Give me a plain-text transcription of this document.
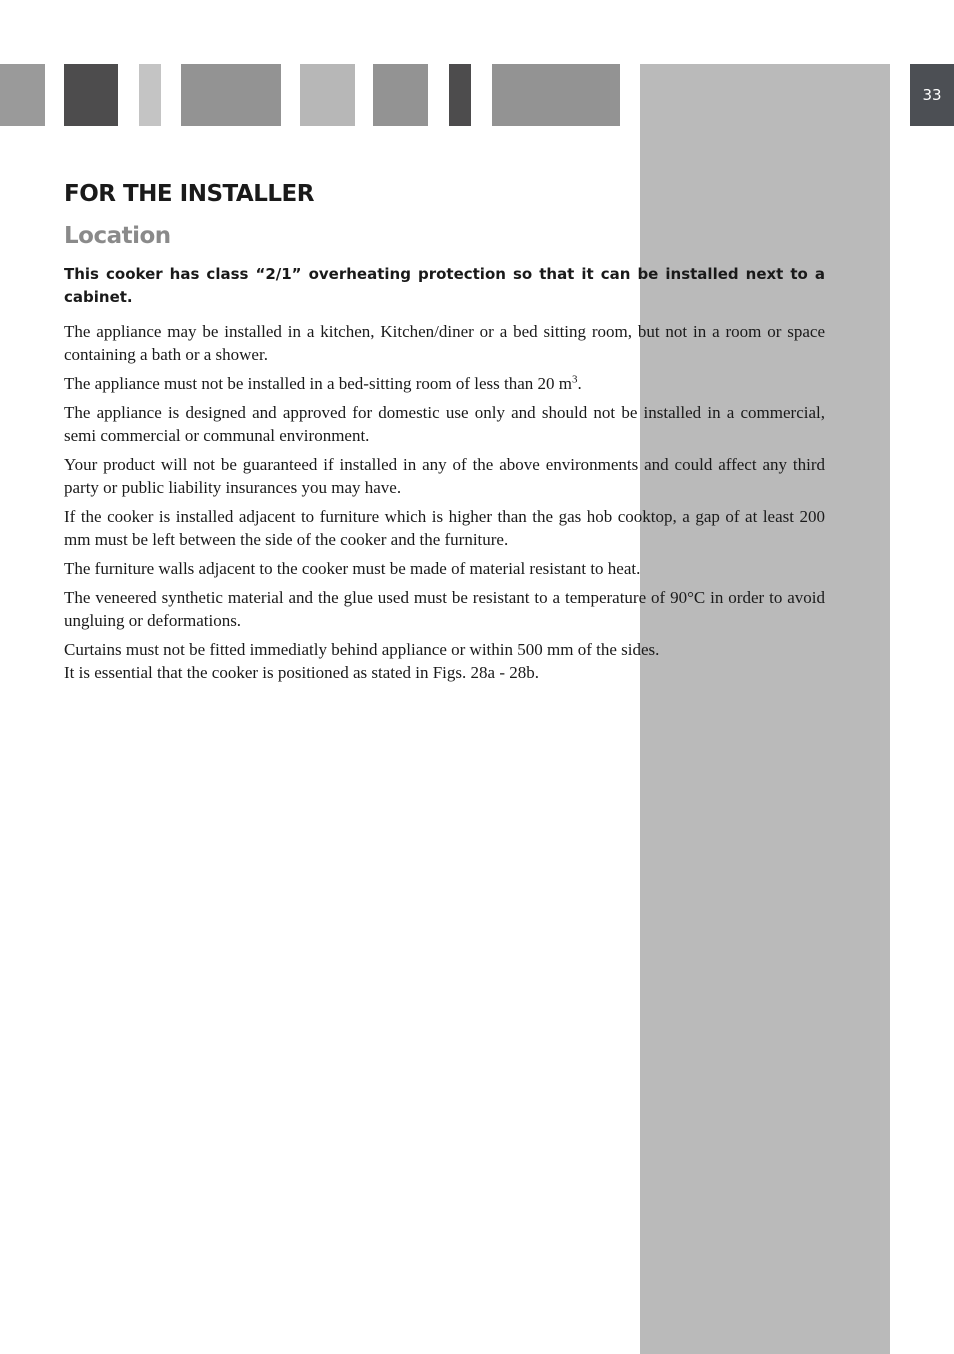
33
FOR THE INSTALLER
Location

This cooker has class “2/1” overheating protection so that it can be installed next to a cabinet.

The appliance may be installed in a kitchen, Kitchen/diner or a bed sitting room, but not in a room or space containing a bath or a shower.

The appliance must not be installed in a bed-sitting room of less than 20 $m^3$.

The appliance is designed and approved for domestic use only and should not be installed in a commercial, semi commercial or communal environment.

Your product will not be guaranteed if installed in any of the above environments and could affect any third party or public liability insurances you may have.

If the cooker is installed adjacent to furniture which is higher than the gas hob cooktop, a gap of at least 200 mm must be left between the side of the cooker and the furniture.

The furniture walls adjacent to the cooker must be made of material resistant to heat.

The veneered synthetic material and the glue used must be resistant to a temperature of 90°C in order to avoid ungluing or deformations.

Curtains must not be fitted immediatly behind appliance or within 500 mm of the sides.

It is essential that the cooker is positioned as stated in Figs. 28a - 28b.
